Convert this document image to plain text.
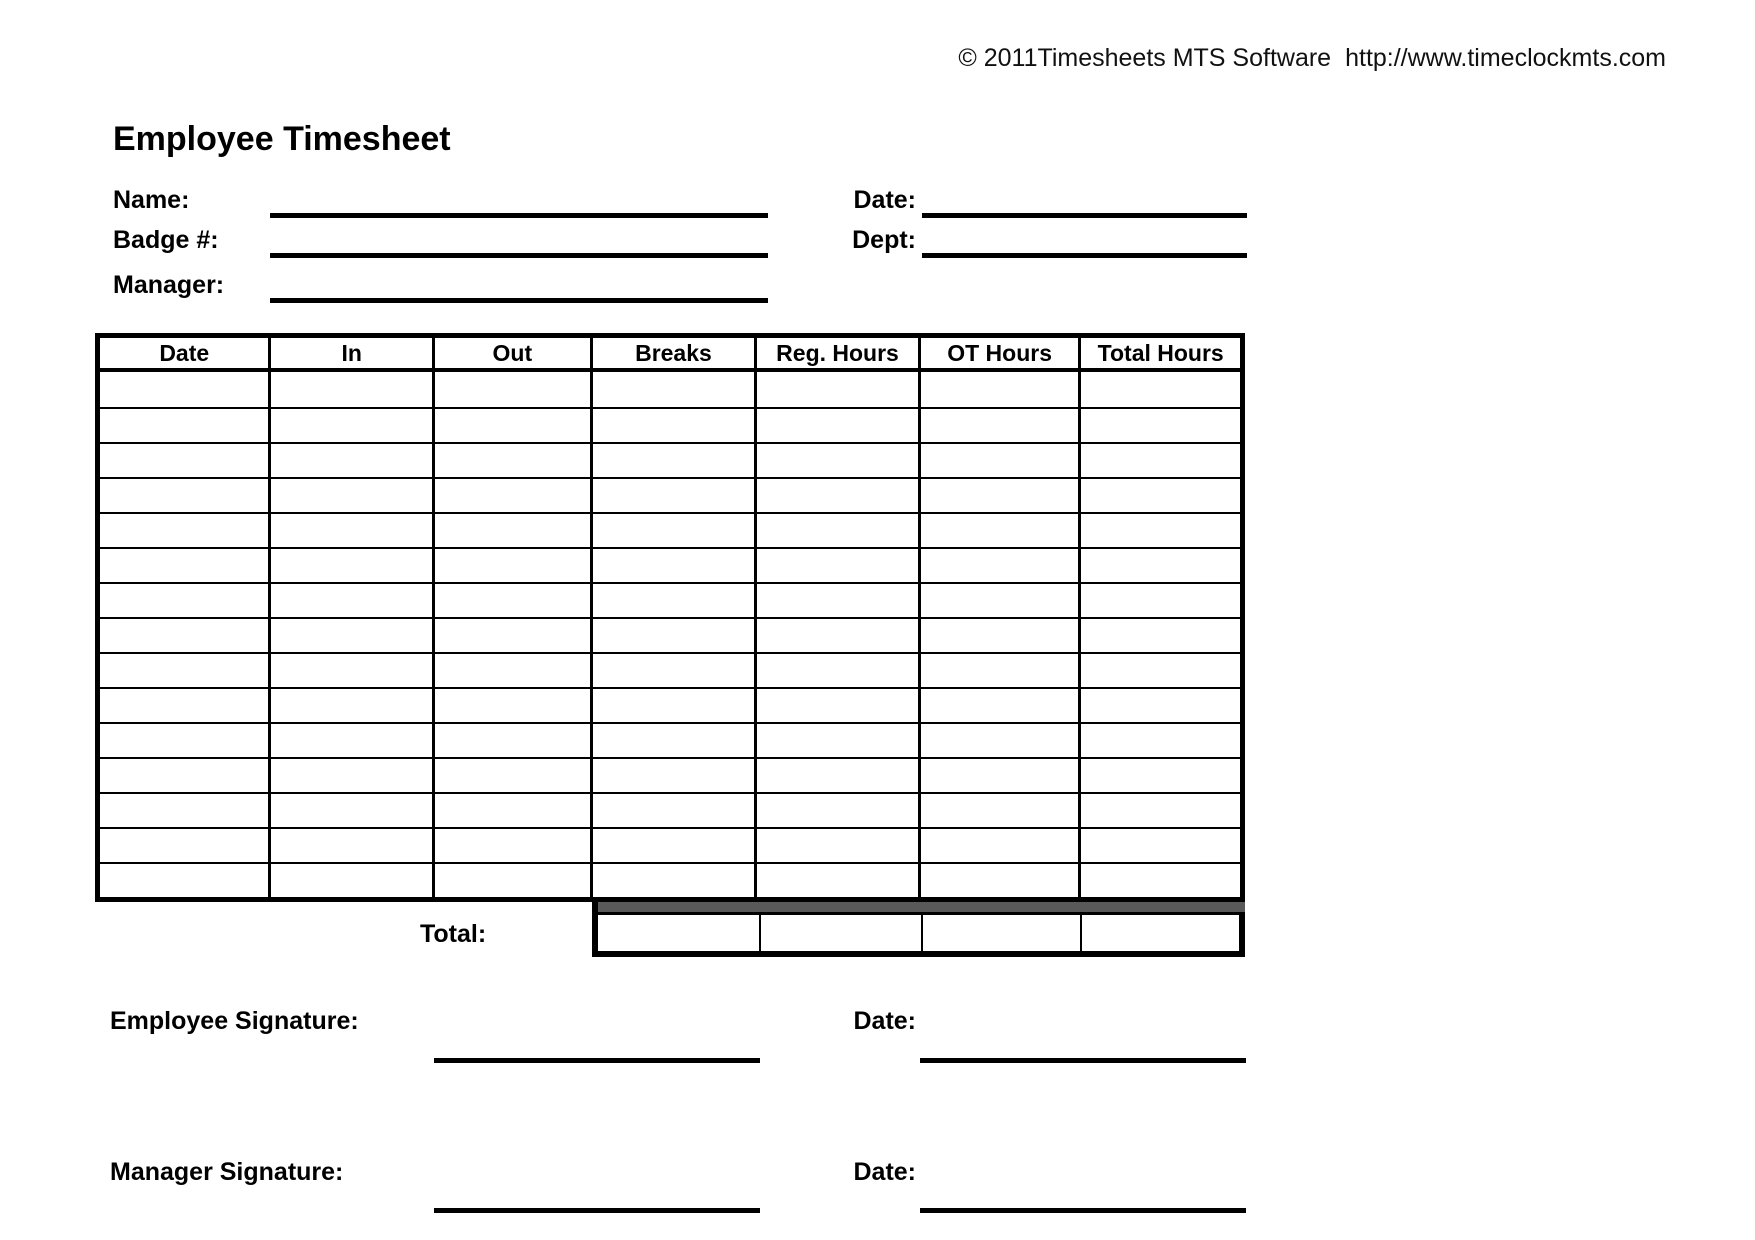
© 2011Timesheets MTS Software http://www.timeclockmts.com
Employee Timesheet
Name:	Date:
Badge #:	Dept:
Manager:
Date	In	Out	Breaks	Reg. Hours	OT Hours	Total Hours
Total:
Employee Signature:	Date:
Manager Signature:	Date:
